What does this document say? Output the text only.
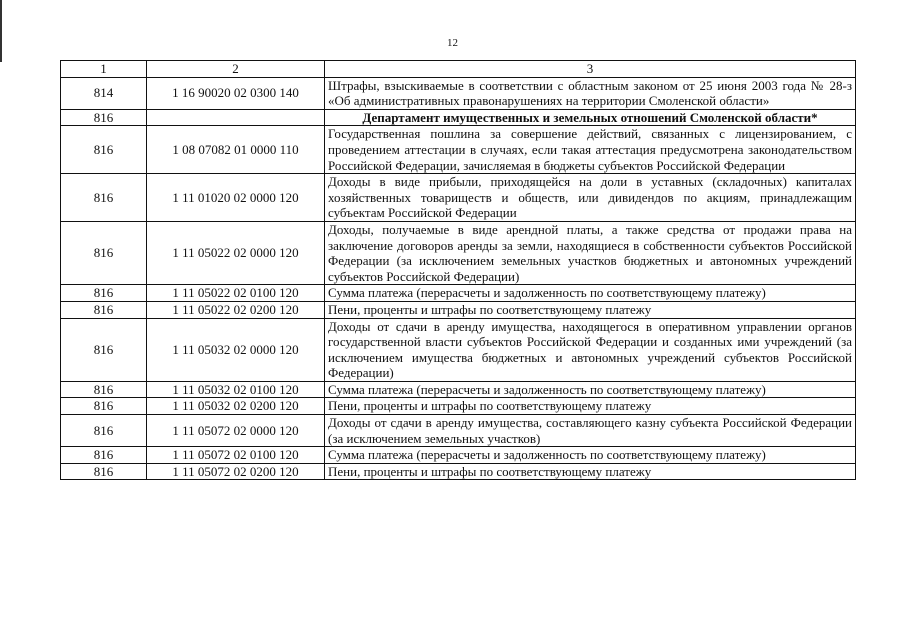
12
1	2	3
814	1 16 90020 02 0300 140	Штрафы, взыскиваемые в соответствии с областным законом от 25 июня 2003 года № 28-з «Об административных правонарушениях на территории Смоленской области»
816		Департамент имущественных и земельных отношений Смоленской области*
816	1 08 07082 01 0000 110	Государственная пошлина за совершение действий, связанных с лицензированием, с проведением аттестации в случаях, если такая аттестация предусмотрена законодательством Российской Федерации, зачисляемая в бюджеты субъектов Российской Федерации
816	1 11 01020 02 0000 120	Доходы в виде прибыли, приходящейся на доли в уставных (складочных) капиталах хозяйственных товариществ и обществ, или дивидендов по акциям, принадлежащим субъектам Российской Федерации
816	1 11 05022 02 0000 120	Доходы, получаемые в виде арендной платы, а также средства от продажи права на заключение договоров аренды за земли, находящиеся в собственности субъектов Российской Федерации (за исключением земельных участков бюджетных и автономных учреждений субъектов Российской Федерации)
816	1 11 05022 02 0100 120	Сумма платежа (перерасчеты и задолженность по соответствующему платежу)
816	1 11 05022 02 0200 120	Пени, проценты и штрафы по соответствующему платежу
816	1 11 05032 02 0000 120	Доходы от сдачи в аренду имущества, находящегося в оперативном управлении органов государственной власти субъектов Российской Федерации и созданных ими учреждений (за исключением имущества бюджетных и автономных учреждений субъектов Российской Федерации)
816	1 11 05032 02 0100 120	Сумма платежа (перерасчеты и задолженность по соответствующему платежу)
816	1 11 05032 02 0200 120	Пени, проценты и штрафы по соответствующему платежу
816	1 11 05072 02 0000 120	Доходы от сдачи в аренду имущества, составляющего казну субъекта Российской Федерации (за исключением земельных участков)
816	1 11 05072 02 0100 120	Сумма платежа (перерасчеты и задолженность по соответствующему платежу)
816	1 11 05072 02 0200 120	Пени, проценты и штрафы по соответствующему платежу
